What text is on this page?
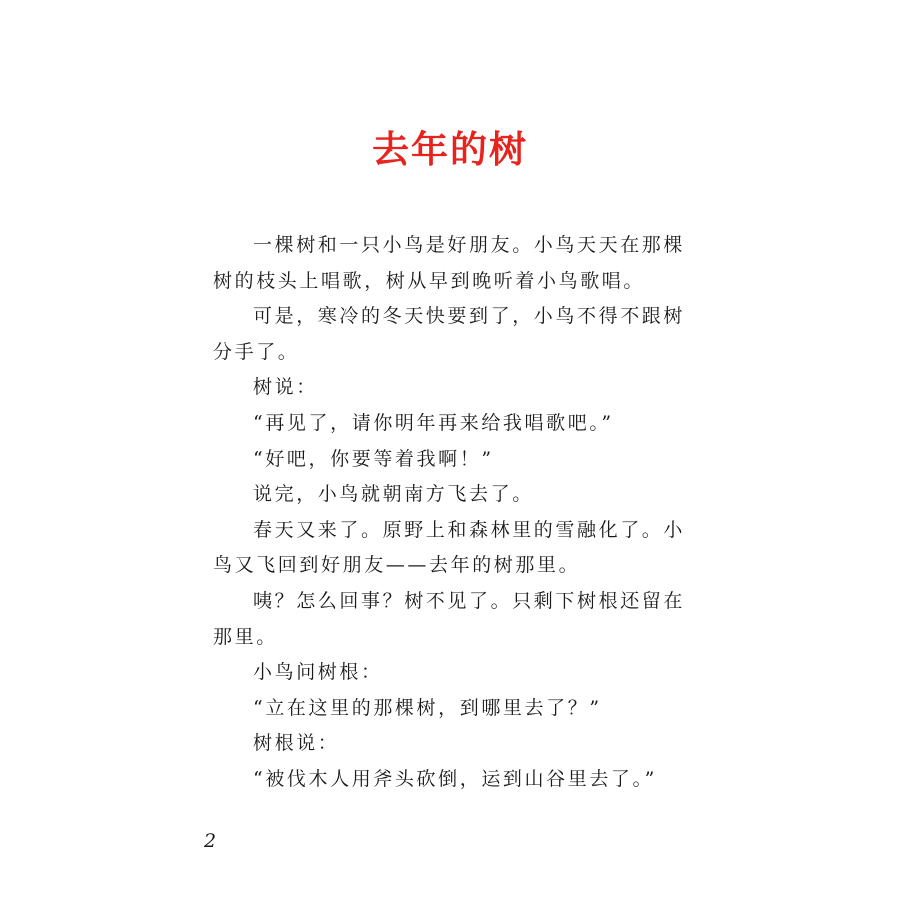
去年的树
一棵树和一只小鸟是好朋友。小鸟天天在那棵
树的枝头上唱歌，树从早到晚听着小鸟歌唱。
可是，寒冷的冬天快要到了，小鸟不得不跟树
分手了。
树说：
“再见了，请你明年再来给我唱歌吧。”
“好吧，你要等着我啊！”
说完，小鸟就朝南方飞去了。
春天又来了。原野上和森林里的雪融化了。小
鸟又飞回到好朋友——去年的树那里。
咦？怎么回事？树不见了。只剩下树根还留在
那里。
小鸟问树根：
“立在这里的那棵树，到哪里去了？”
树根说：
“被伐木人用斧头砍倒，运到山谷里去了。”
2
